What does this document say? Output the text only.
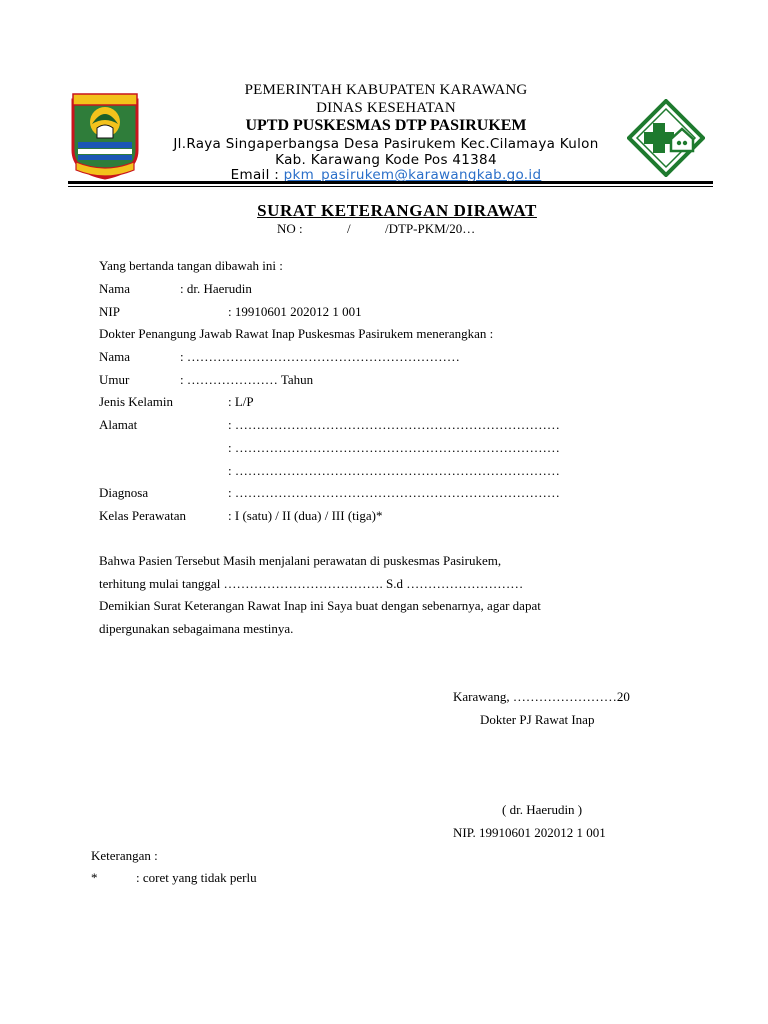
PEMERINTAH KABUPATEN KARAWANG
DINAS KESEHATAN
UPTD PUSKESMAS DTP PASIRUKEM
Jl.Raya Singaperbangsa Desa Pasirukem Kec.Cilamaya Kulon
Kab. Karawang Kode Pos 41384
Email : pkm_pasirukem@karawangkab.go.id
SURAT KETERANGAN DIRAWAT
NO :	/	/DTP-PKM/20…
Yang bertanda tangan dibawah ini :
Nama	: dr. Haerudin
NIP	: 19910601 202012 1 001
Dokter Penangung Jawab Rawat Inap Puskesmas Pasirukem menerangkan :
Nama	: ………………………………………………………
Umur	: ………………… Tahun
Jenis Kelamin	: L/P
Alamat	: …………………………………………………………………
: …………………………………………………………………
: …………………………………………………………………
Diagnosa	: …………………………………………………………………
Kelas Perawatan	: I (satu) / II (dua) / III (tiga)*
Bahwa Pasien Tersebut Masih menjalani perawatan di puskesmas Pasirukem,
terhitung mulai tanggal ………………………………. S.d ………………………
Demikian Surat Keterangan Rawat Inap ini Saya buat dengan sebenarnya, agar dapat
dipergunakan sebagaimana mestinya.
Karawang, ……………………20
Dokter PJ Rawat Inap
( dr. Haerudin )
NIP. 19910601 202012 1 001
Keterangan :
*	: coret yang tidak perlu
